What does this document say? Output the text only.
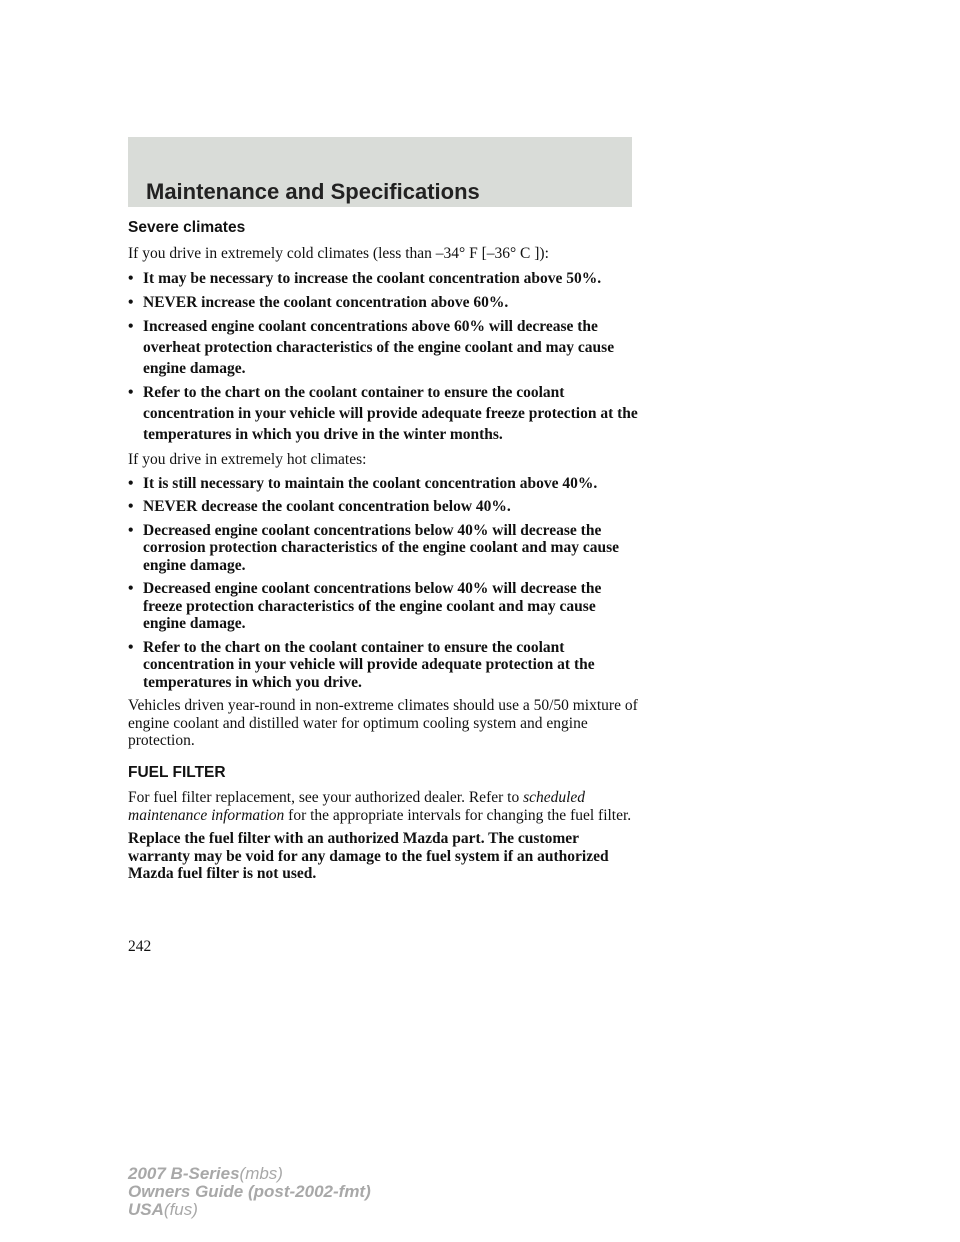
Maintenance and Specifications
Severe climates

If you drive in extremely cold climates (less than –34° F [–36° C ]):

• It may be necessary to increase the coolant concentration above 50%.
• NEVER increase the coolant concentration above 60%.
• Increased engine coolant concentrations above 60% will decrease the overheat protection characteristics of the engine coolant and may cause engine damage.
• Refer to the chart on the coolant container to ensure the coolant concentration in your vehicle will provide adequate freeze protection at the temperatures in which you drive in the winter months.

If you drive in extremely hot climates:

• It is still necessary to maintain the coolant concentration above 40%.
• NEVER decrease the coolant concentration below 40%.
• Decreased engine coolant concentrations below 40% will decrease the corrosion protection characteristics of the engine coolant and may cause engine damage.
• Decreased engine coolant concentrations below 40% will decrease the freeze protection characteristics of the engine coolant and may cause engine damage.
• Refer to the chart on the coolant container to ensure the coolant concentration in your vehicle will provide adequate protection at the temperatures in which you drive.

Vehicles driven year-round in non-extreme climates should use a 50/50 mixture of engine coolant and distilled water for optimum cooling system and engine protection.

FUEL FILTER

For fuel filter replacement, see your authorized dealer. Refer to scheduled maintenance information for the appropriate intervals for changing the fuel filter.

Replace the fuel filter with an authorized Mazda part. The customer warranty may be void for any damage to the fuel system if an authorized Mazda fuel filter is not used.

242
2007 B-Series(mbs)
Owners Guide (post-2002-fmt)
USA(fus)
